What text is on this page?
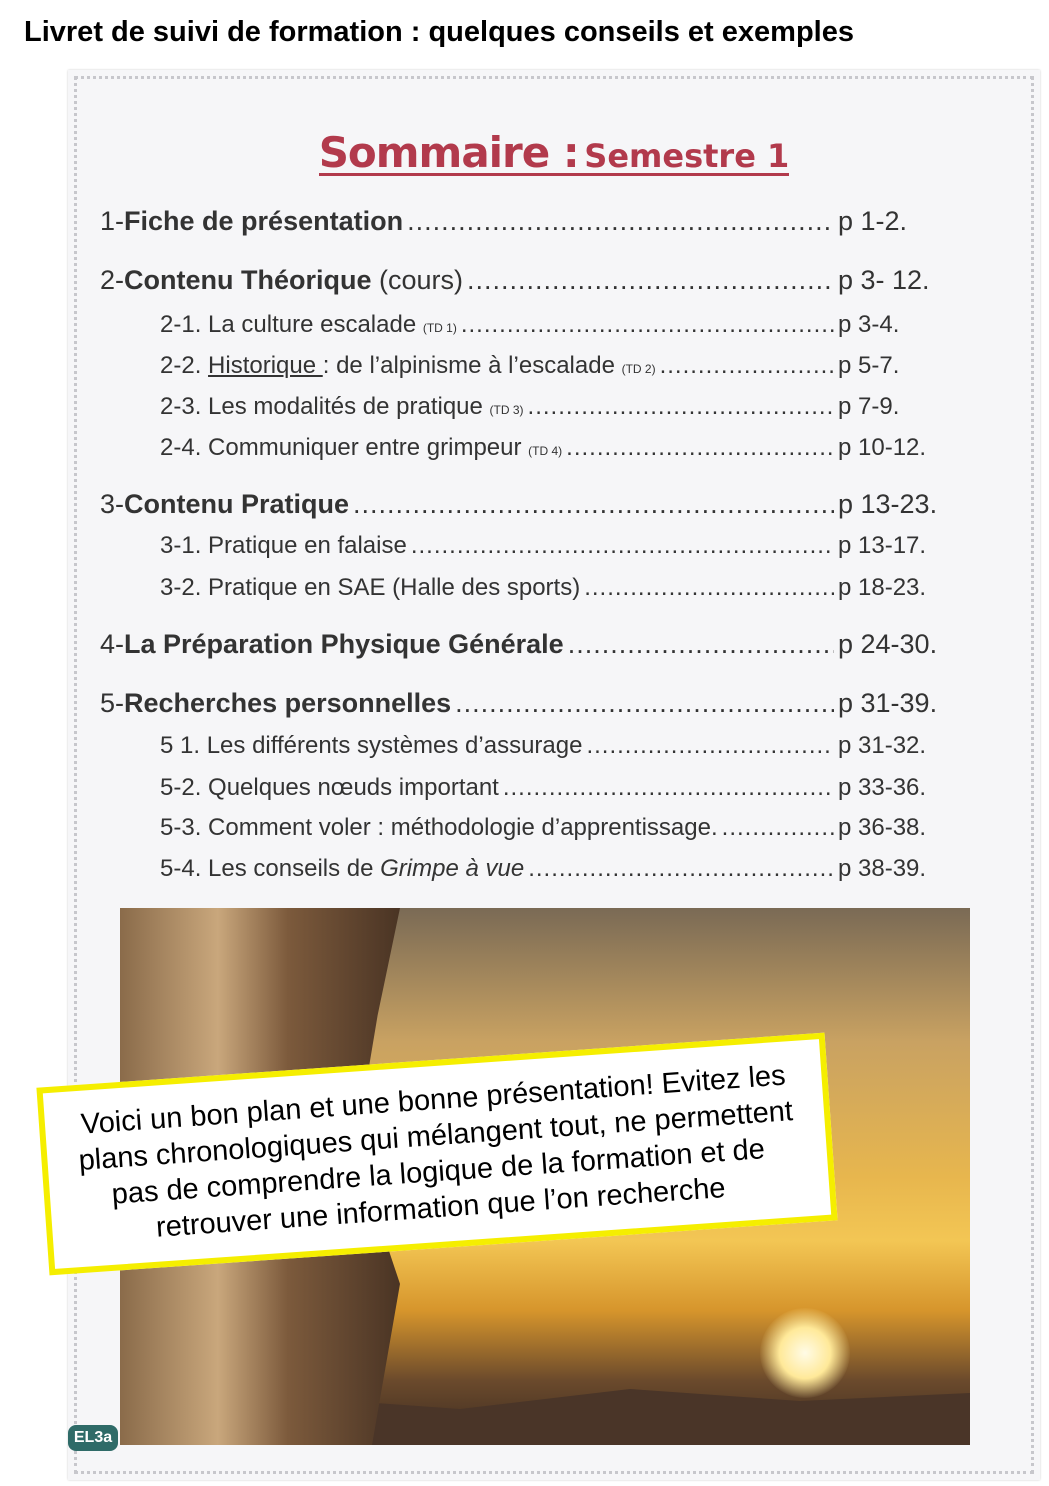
Livret de suivi de formation : quelques conseils et exemples
Sommaire : Semestre 1
1- Fiche de présentation .....	p 1-2.
2- Contenu Théorique (cours) .....	p 3- 12.
2-1. La culture escalade (TD 1) .....	p 3-4.
2-2. Historique : de l’alpinisme à l’escalade (TD 2) .....	p 5-7.
2-3. Les modalités de pratique (TD 3) .....	p 7-9.
2-4. Communiquer entre grimpeur (TD 4) .....	p 10-12.
3- Contenu Pratique .....	p 13-23.
3-1. Pratique en falaise .....	p 13-17.
3-2. Pratique en SAE (Halle des sports) .....	p 18-23.
4- La Préparation Physique Générale .....	p 24-30.
5- Recherches personnelles .....	p 31-39.
5 1. Les différents systèmes d’assurage .....	p 31-32.
5-2. Quelques nœuds important .....	p 33-36.
5-3. Comment voler : méthodologie d’apprentissage. .....	p 36-38.
5-4. Les conseils de Grimpe à vue .....	p 38-39.
EL3a
Voici un bon plan et une bonne présentation! Evitez les plans chronologiques qui mélangent tout, ne permettent pas de comprendre la logique de la formation et de retrouver une information que l’on recherche
